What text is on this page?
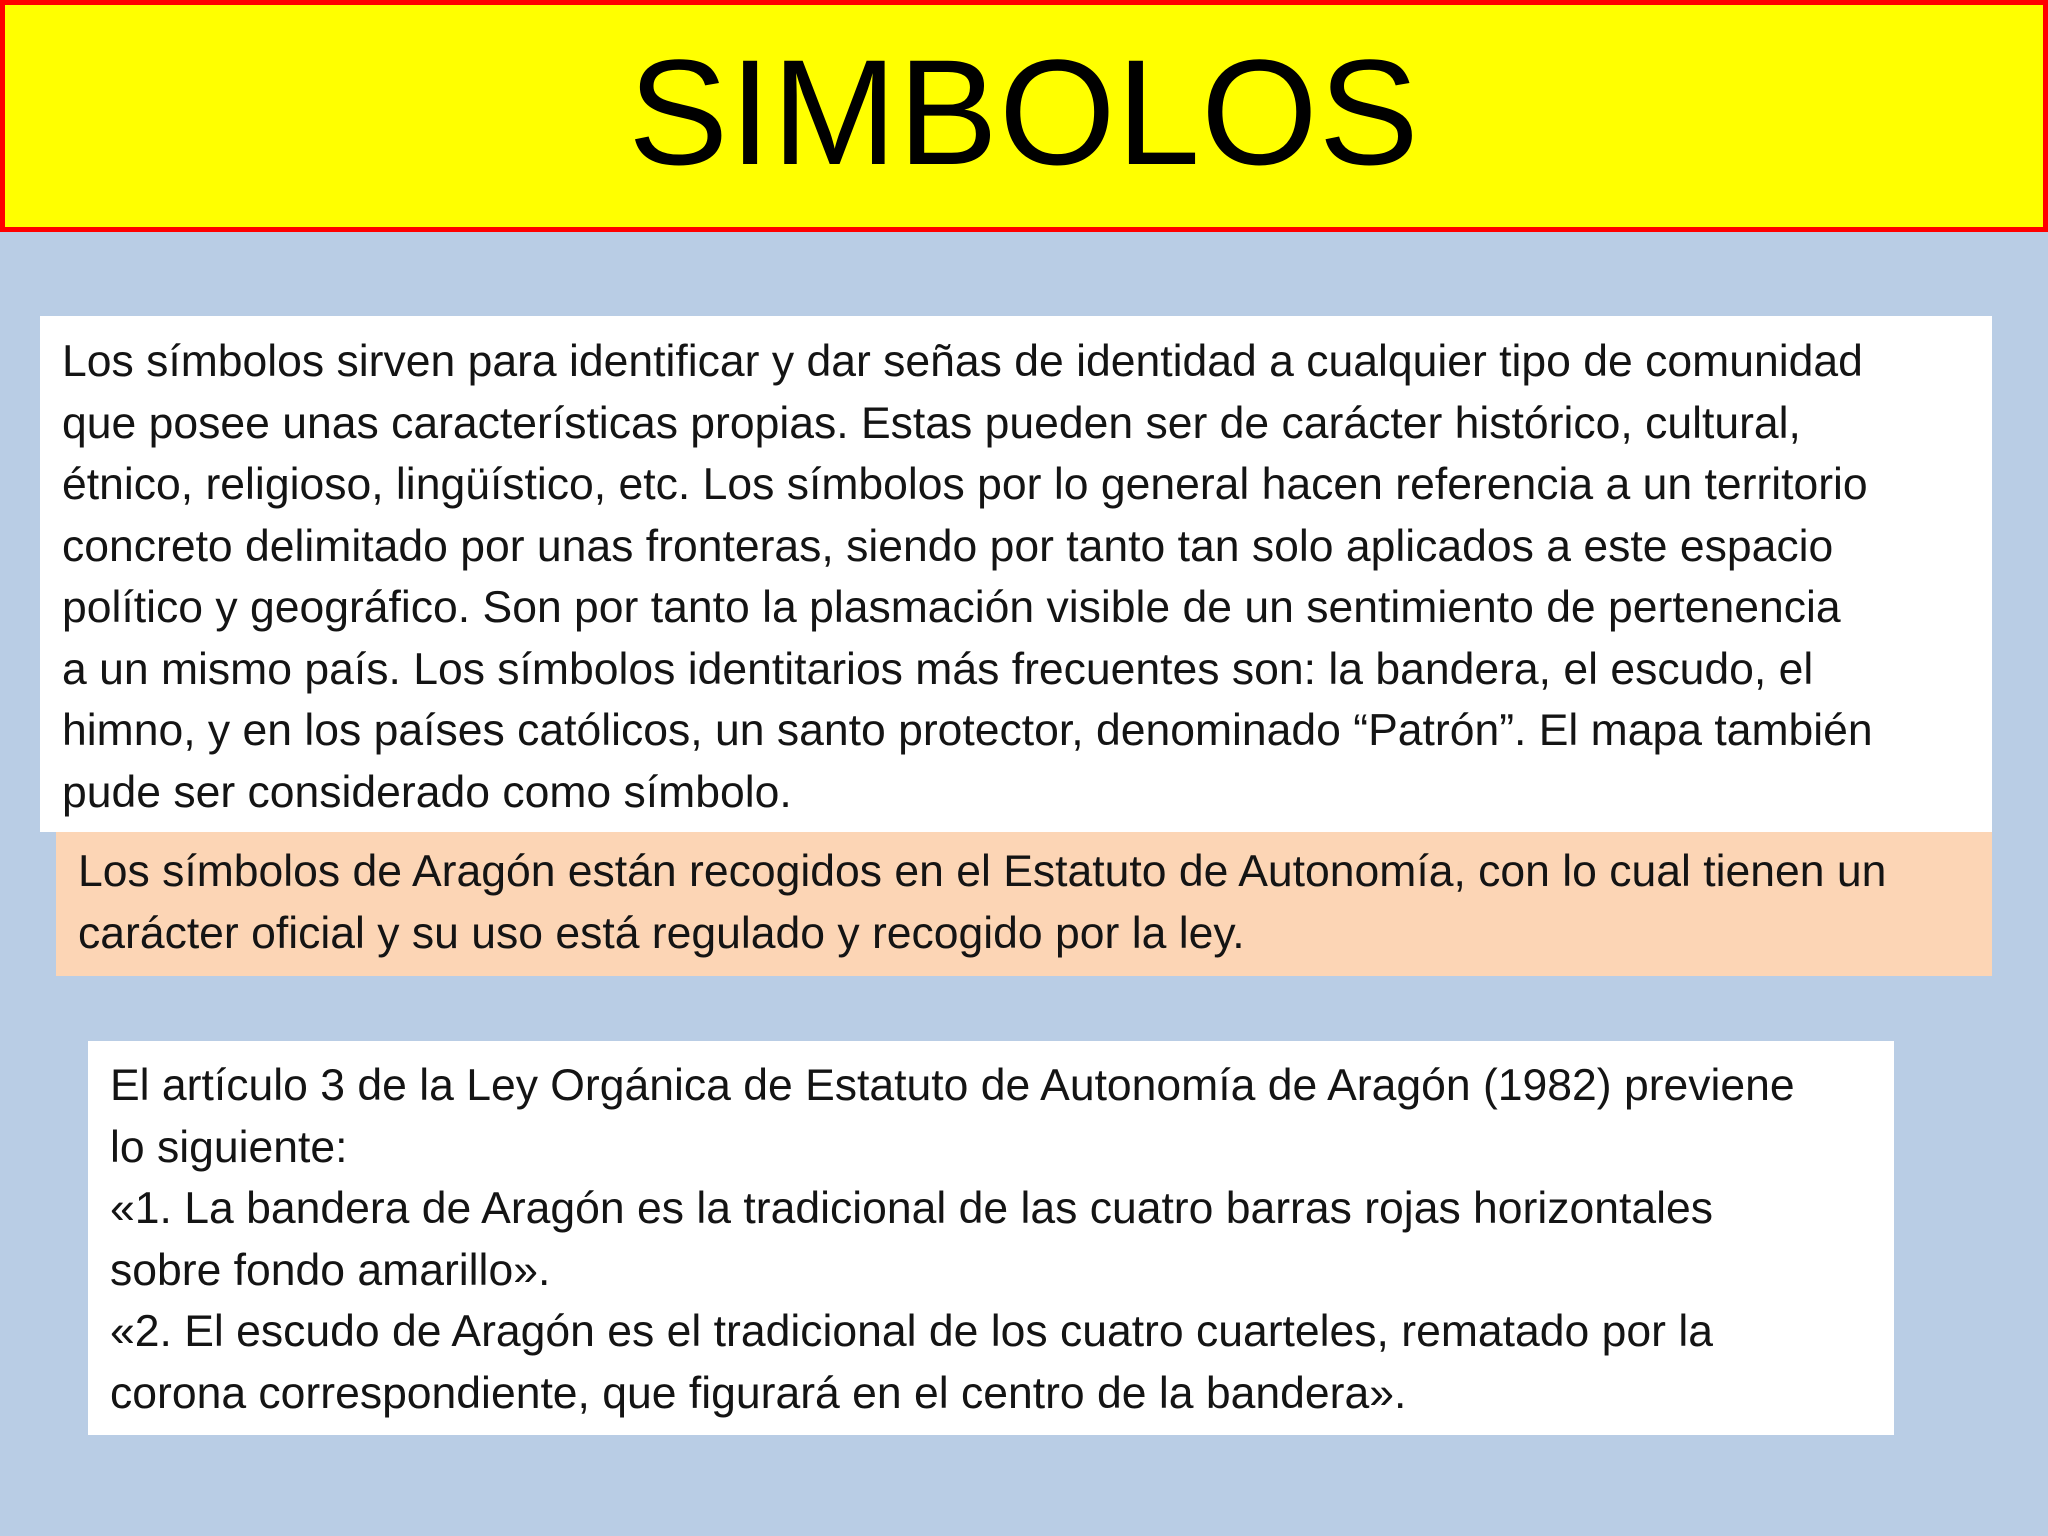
SIMBOLOS

Los símbolos sirven para identificar y dar señas de identidad a cualquier tipo de comunidad

que posee unas características propias. Estas pueden ser de carácter histórico, cultural,

étnico, religioso, lingüístico, etc. Los símbolos por lo general hacen referencia a un territorio

concreto delimitado por unas fronteras, siendo por tanto tan solo aplicados a este espacio

político y geográfico. Son por tanto la plasmación visible de un sentimiento de pertenencia

a un mismo país. Los símbolos identitarios más frecuentes son: la bandera, el escudo, el

himno, y en los países católicos, un santo protector, denominado “Patrón”. El mapa también

pude ser considerado como símbolo.

Los símbolos de Aragón están recogidos en el Estatuto de Autonomía, con lo cual tienen un

carácter oficial y su uso está regulado y recogido por la ley.

El artículo 3 de la Ley Orgánica de Estatuto de Autonomía de Aragón (1982) previene

lo siguiente:

«1. La bandera de Aragón es la tradicional de las cuatro barras rojas horizontales

sobre fondo amarillo».

«2. El escudo de Aragón es el tradicional de los cuatro cuarteles, rematado por la

corona correspondiente, que figurará en el centro de la bandera».
